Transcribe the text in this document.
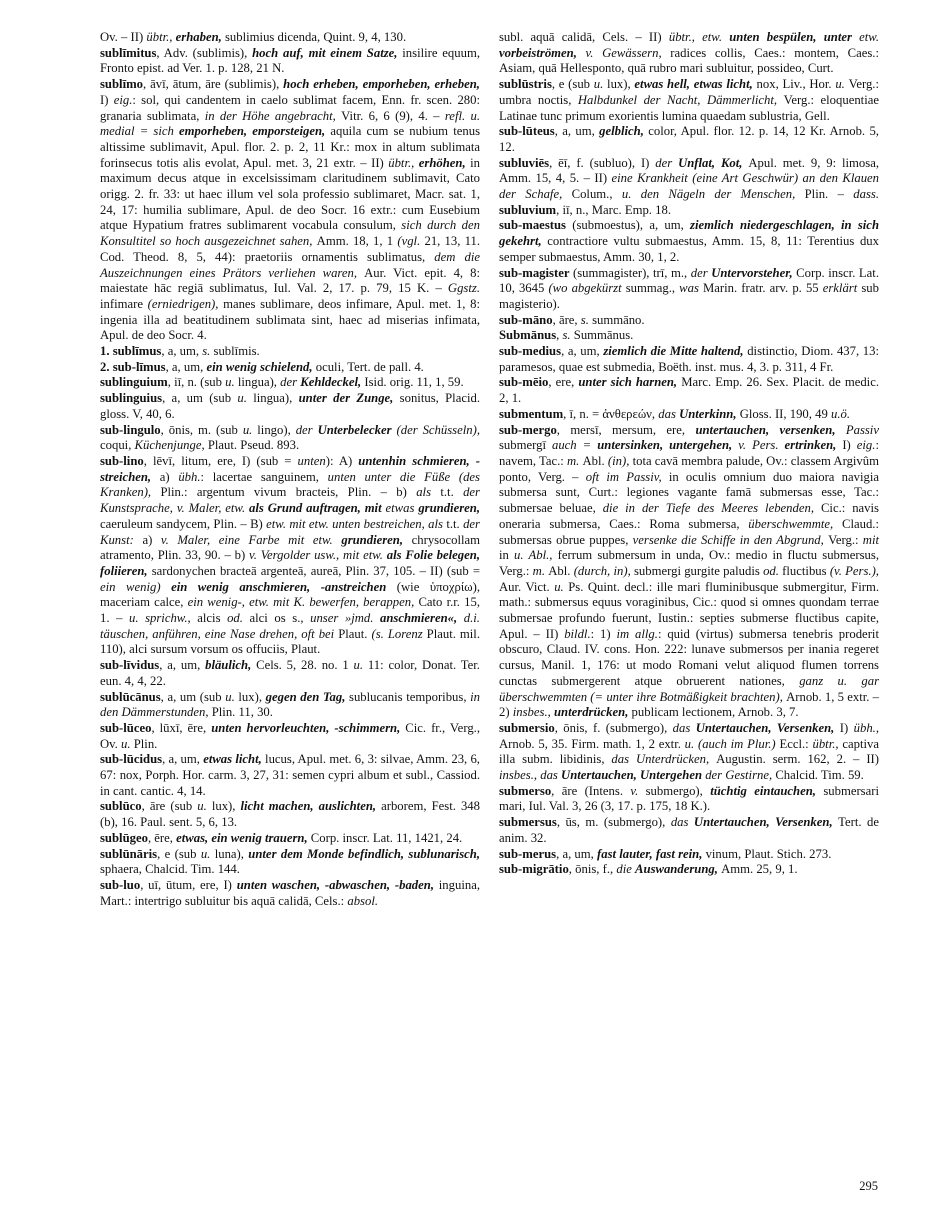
Ov. – II) übtr., erhaben, sublimius dicenda, Quint. 9, 4, 130.

sublīmitus, Adv. (sublimis), hoch auf, mit einem Satze, insilire equum, Fronto epist. ad Ver. 1. p. 128, 21 N.

sublīmo, āvī, ātum, āre (sublimis), hoch erheben, emporheben, erheben, I) eig.: sol, qui candentem in caelo sublimat facem, Enn. fr. scen. 280: granaria sublimata, in der Höhe angebracht, Vitr. 6, 6 (9), 4. – refl. u. medial = sich emporheben, emporsteigen, aquila cum se nubium tenus altissime sublimavit, Apul. flor. 2. p. 2, 11 Kr.: mox in altum sublimata forinsecus totis alis evolat, Apul. met. 3, 21 extr. – II) übtr., erhöhen, in maximum decus atque in excelsissimam claritudinem sublimavit, Cato origg. 2. fr. 33: ut haec illum vel sola professio sublimaret, Macr. sat. 1, 24, 17: humilia sublimare, Apul. de deo Socr. 16 extr.: cum Eusebium atque Hypatium fratres sublimarent vocabula consulum, sich durch den Konsultitel so hoch ausgezeichnet sahen, Amm. 18, 1, 1 (vgl. 21, 13, 11. Cod. Theod. 8, 5, 44): praetoriis ornamentis sublimatus, dem die Auszeichnungen eines Prätors verliehen waren, Aur. Vict. epit. 4, 8: maiestate hāc regiā sublimatus, Iul. Val. 2, 17. p. 79, 15 K. – Ggstz. infimare (erniedrigen), manes sublimare, deos infimare, Apul. met. 1, 8: ingenia illa ad beatitudinem sublimata sint, haec ad miserias infimata, Apul. de deo Socr. 4.

1. sublīmus, a, um, s. sublīmis.

2. sub-līmus, a, um, ein wenig schielend, oculi, Tert. de pall. 4.

sublinguium, iī, n. (sub u. lingua), der Kehldeckel, Isid. orig. 11, 1, 59.

sublinguius, a, um (sub u. lingua), unter der Zunge, sonitus, Placid. gloss. V, 40, 6.

sub-lingulo, ōnis, m. (sub u. lingo), der Unterbelecker (der Schüsseln), coqui, Küchenjunge, Plaut. Pseud. 893.

sub-lino, lēvī, litum, ere, I) (sub = unten): A) untenhin schmieren, -streichen, a) übh.: lacertae sanguinem, unten unter die Füße (des Kranken), Plin.: argentum vivum bracteis, Plin. – b) als t.t. der Kunstsprache, v. Maler, etw. als Grund auftragen, mit etwas grundieren, caeruleum sandycem, Plin. – B) etw. mit etw. unten bestreichen, als t.t. der Kunst: a) v. Maler, eine Farbe mit etw. grundieren, chrysocollam atramento, Plin. 33, 90. – b) v. Vergolder usw., mit etw. als Folie belegen, foliieren, sardonychen bracteā argenteā, aureā, Plin. 37, 105. – II) (sub = ein wenig) ein wenig anschmieren, -anstreichen (wie ὑποχρίω), maceriam calce, ein wenig-, etw. mit K. bewerfen, berappen, Cato r.r. 15, 1. – u. sprichw., alcis od. alci os s., unser »jmd. anschmieren«, d.i. täuschen, anführen, eine Nase drehen, oft bei Plaut. (s. Lorenz Plaut. mil. 110), alci sursum vorsum os offuciis, Plaut.

sub-līvidus, a, um, bläulich, Cels. 5, 28. no. 1 u. 11: color, Donat. Ter. eun. 4, 4, 22.

sublūcānus, a, um (sub u. lux), gegen den Tag, sublucanis temporibus, in den Dämmerstunden, Plin. 11, 30.

sub-lūceo, lūxī, ēre, unten hervorleuchten, -schimmern, Cic. fr., Verg., Ov. u. Plin.

sub-lūcidus, a, um, etwas licht, lucus, Apul. met. 6, 3: silvae, Amm. 23, 6, 67: nox, Porph. Hor. carm. 3, 27, 31: semen cypri album et subl., Cassiod. in cant. cantic. 4, 14.

sublūco, āre (sub u. lux), licht machen, auslichten, arborem, Fest. 348 (b), 16. Paul. sent. 5, 6, 13.

sublūgeo, ēre, etwas, ein wenig trauern, Corp. inscr. Lat. 11, 1421, 24.

sublūnāris, e (sub u. luna), unter dem Monde befindlich, sublunarisch, sphaera, Chalcid. Tim. 144.

sub-luo, uī, ūtum, ere, I) unten waschen, -abwaschen, -baden, inguina, Mart.: intertrigo subluitur bis aquā calidā, Cels.: absol.

subl. aquā calidā, Cels. – II) übtr., etw. unten bespülen, unter etw. vorbeiströmen, v. Gewässern, radices collis, Caes.: montem, Caes.: Asiam, quā Hellesponto, quā rubro mari subluitur, possideo, Curt.

sublūstris, e (sub u. lux), etwas hell, etwas licht, nox, Liv., Hor. u. Verg.: umbra noctis, Halbdunkel der Nacht, Dämmerlicht, Verg.: eloquentiae Latinae tunc primum exorientis lumina quaedam sublustria, Gell.

sub-lūteus, a, um, gelblich, color, Apul. flor. 12. p. 14, 12 Kr. Arnob. 5, 12.

subluviēs, ēī, f. (subluo), I) der Unflat, Kot, Apul. met. 9, 9: limosa, Amm. 15, 4, 5. – II) eine Krankheit (eine Art Geschwür) an den Klauen der Schafe, Colum., u. den Nägeln der Menschen, Plin. – dass. subluvium, iī, n., Marc. Emp. 18.

sub-maestus (submoestus), a, um, ziemlich niedergeschlagen, in sich gekehrt, contractiore vultu submaestus, Amm. 15, 8, 11: Terentius dux semper submaestus, Amm. 30, 1, 2.

sub-magister (summagister), trī, m., der Untervorsteher, Corp. inscr. Lat. 10, 3645 (wo abgekürzt summag., was Marin. fratr. arv. p. 55 erklärt sub magisterio).

sub-māno, āre, s. summāno.

Submānus, s. Summānus.

sub-medius, a, um, ziemlich die Mitte haltend, distinctio, Diom. 437, 13: paramesos, quae est submedia, Boëth. inst. mus. 4, 3. p. 311, 4 Fr.

sub-mēio, ere, unter sich harnen, Marc. Emp. 26. Sex. Placit. de medic. 2, 1.

submentum, ī, n. = ἀνθερεών, das Unterkinn, Gloss. II, 190, 49 u.ö.

sub-mergo, mersī, mersum, ere, untertauchen, versenken, Passiv submergī auch = untersinken, untergehen, v. Pers. ertrinken, I) eig.: navem, Tac.: m. Abl. (in), tota cavā membra palude, Ov.: classem Argivûm ponto, Verg. – oft im Passiv, in oculis omnium duo maiora navigia submersa sunt, Curt.: legiones vagante famā submersas esse, Tac.: submersae beluae, die in der Tiefe des Meeres lebenden, Cic.: navis oneraria submersa, Caes.: Roma submersa, überschwemmte, Claud.: submersas obrue puppes, versenke die Schiffe in den Abgrund, Verg.: mit in u. Abl., ferrum submersum in unda, Ov.: medio in fluctu submersus, Verg.: m. Abl. (durch, in), submergi gurgite paludis od. fluctibus (v. Pers.), Aur. Vict. u. Ps. Quint. decl.: ille mari fluminibusque submergitur, Firm. math.: submersus equus voraginibus, Cic.: quod si omnes quondam terrae submersae profundo fuerunt, Iustin.: septies submerse fluctibus capite, Apul. – II) bildl.: 1) im allg.: quid (virtus) submersa tenebris proderit obscuro, Claud. IV. cons. Hon. 222: lunave submersos per inania regeret cursus, Manil. 1, 176: ut modo Romani velut aliquod flumen torrens cunctas submergerent atque obruerent nationes, ganz u. gar überschwemmten (= unter ihre Botmäßigkeit brachten), Arnob. 1, 5 extr. – 2) insbes., unterdrücken, publicam lectionem, Arnob. 3, 7.

submersio, ōnis, f. (submergo), das Untertauchen, Versenken, I) übh., Arnob. 5, 35. Firm. math. 1, 2 extr. u. (auch im Plur.) Eccl.: übtr., captiva illa subm. libidinis, das Unterdrücken, Augustin. serm. 162, 2. – II) insbes., das Untertauchen, Untergehen der Gestirne, Chalcid. Tim. 59.

submerso, āre (Intens. v. submergo), tüchtig eintauchen, submersari mari, Iul. Val. 3, 26 (3, 17. p. 175, 18 K.).

submersus, ūs, m. (submergo), das Untertauchen, Versenken, Tert. de anim. 32.

sub-merus, a, um, fast lauter, fast rein, vinum, Plaut. Stich. 273.

sub-migrātio, ōnis, f., die Auswanderung, Amm. 25, 9, 1.

295
